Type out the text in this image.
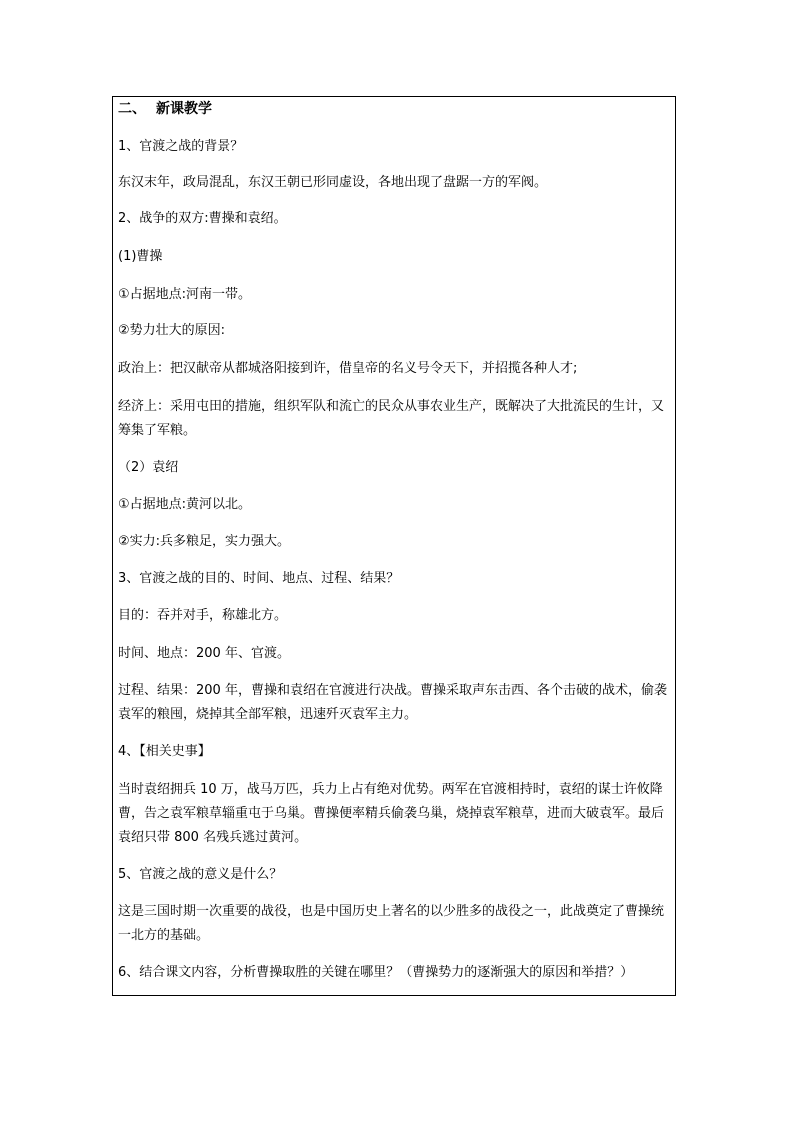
二、 新课教学
1、官渡之战的背景？
东汉末年，政局混乱，东汉王朝已形同虚设，各地出现了盘踞一方的军阀。
2、战争的双方:曹操和袁绍。
(1)曹操
①占据地点:河南一带。
②势力壮大的原因:
政治上：把汉献帝从都城洛阳接到许，借皇帝的名义号令天下，并招揽各种人才;
经济上：采用屯田的措施，组织军队和流亡的民众从事农业生产，既解决了大批流民的生计，又筹集了军粮。
（2）袁绍
①占据地点:黄河以北。
②实力:兵多粮足，实力强大。
3、官渡之战的目的、时间、地点、过程、结果？
目的：吞并对手，称雄北方。
时间、地点：200 年、官渡。
过程、结果：200 年，曹操和袁绍在官渡进行决战。曹操采取声东击西、各个击破的战术，偷袭袁军的粮囤，烧掉其全部军粮，迅速歼灭袁军主力。
4、【相关史事】
当时袁绍拥兵 10 万，战马万匹，兵力上占有绝对优势。两军在官渡相持时，袁绍的谋士许攸降曹，告之袁军粮草辎重屯于乌巢。曹操便率精兵偷袭乌巢，烧掉袁军粮草，进而大破袁军。最后袁绍只带 800 名残兵逃过黄河。
5、官渡之战的意义是什么？
这是三国时期一次重要的战役，也是中国历史上著名的以少胜多的战役之一，此战奠定了曹操统一北方的基础。
6、结合课文内容，分析曹操取胜的关键在哪里？（曹操势力的逐渐强大的原因和举措？）
